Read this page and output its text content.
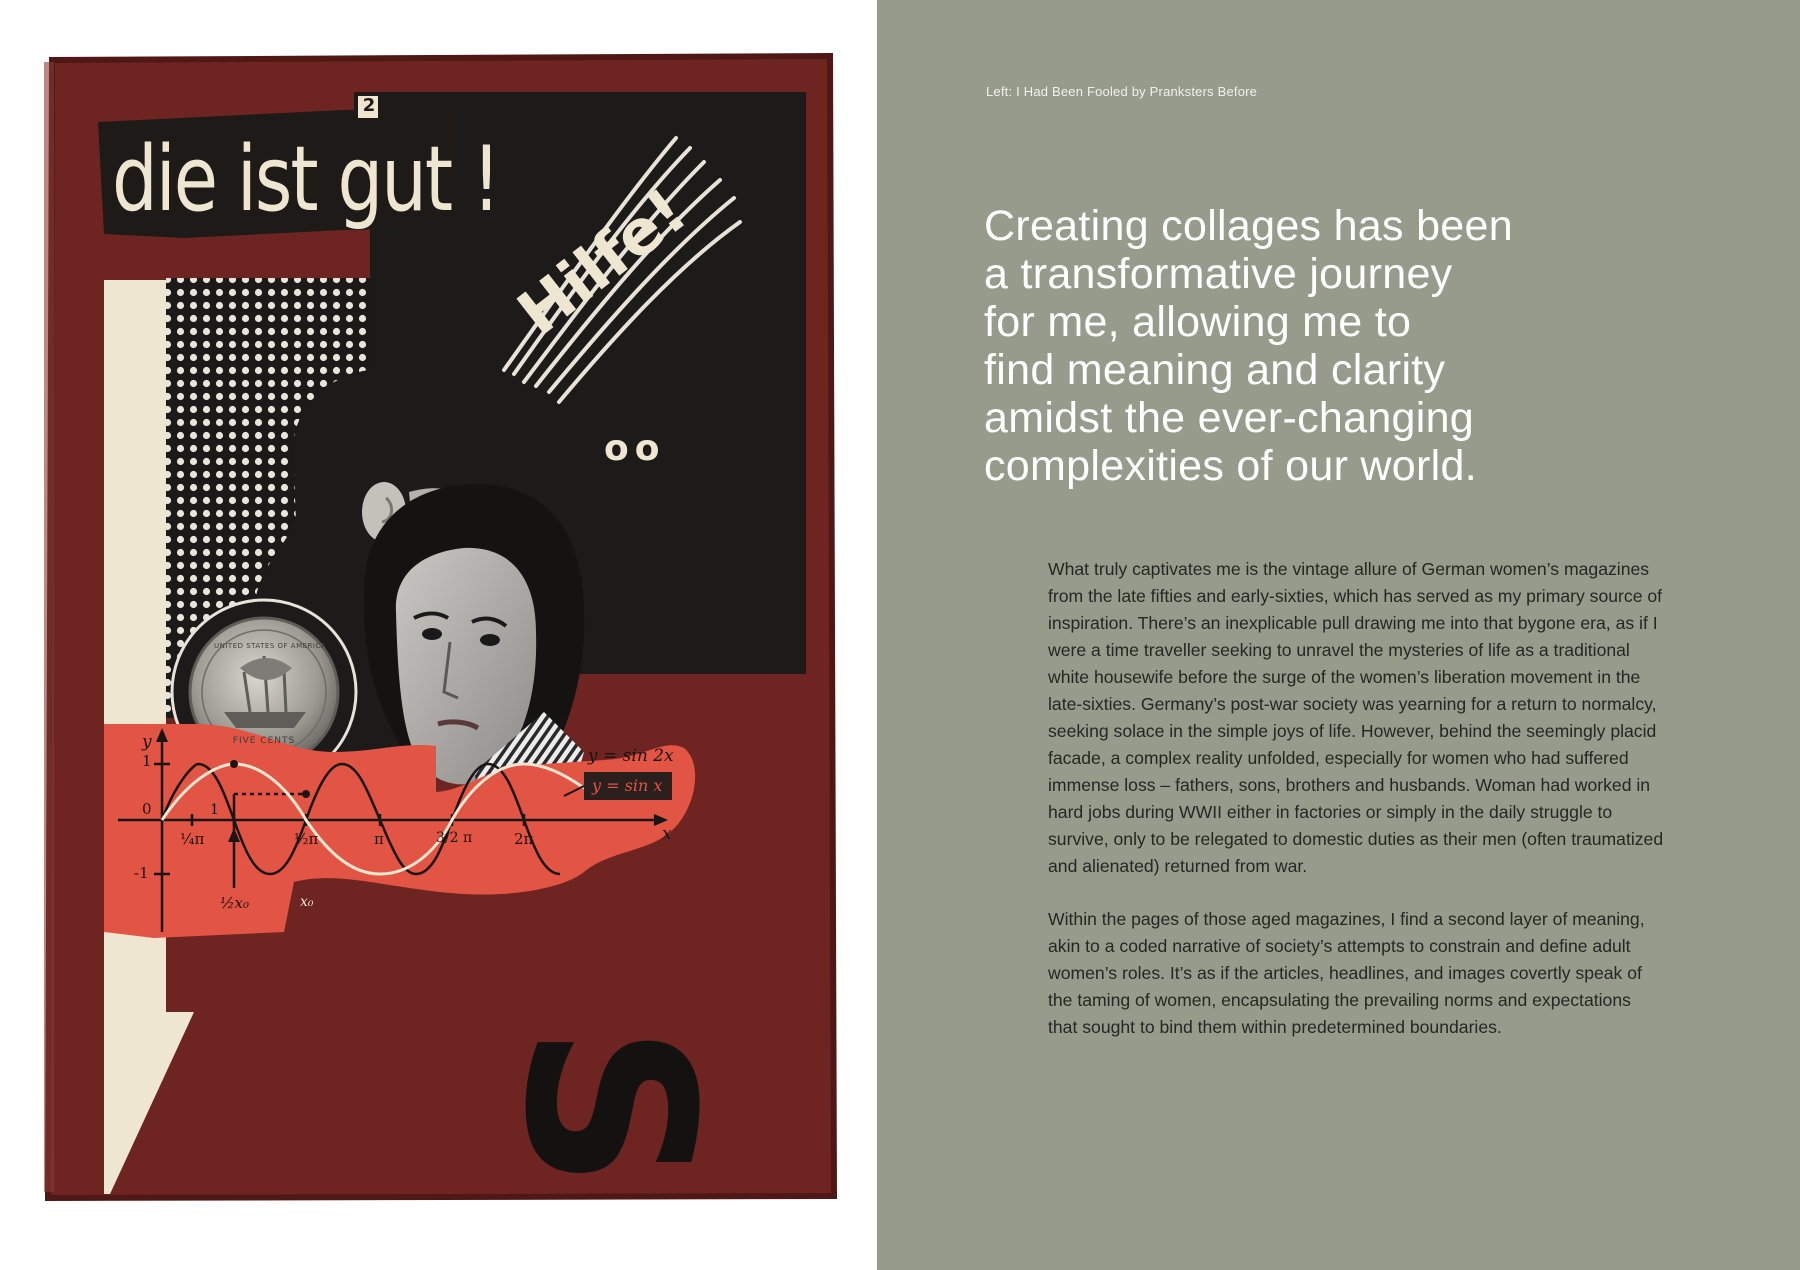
die ist gut !
2
Hilfe!
oo
S
y = sin 2x
y = sin x
y
x
1
0
-1
1
¼π	½π	π	3/2 π	2π
½x₀	x₀
UNITED STATES OF AMERICA
FIVE CENTS
Left: I Had Been Fooled by Pranksters Before
Creating collages has been
a transformative journey
for me, allowing me to
find meaning and clarity
amidst the ever-changing
complexities of our world.

What truly captivates me is the vintage allure of German women’s magazines from the late fifties and early-sixties, which has served as my primary source of inspiration. There’s an inexplicable pull drawing me into that bygone era, as if I were a time traveller seeking to unravel the mysteries of life as a traditional white housewife before the surge of the women’s liberation movement in the late-sixties. Germany’s post-war society was yearning for a return to normalcy, seeking solace in the simple joys of life. However, behind the seemingly placid facade, a complex reality unfolded, especially for women who had suffered immense loss – fathers, sons, brothers and husbands. Woman had worked in hard jobs during WWII either in factories or simply in the daily struggle to survive, only to be relegated to domestic duties as their men (often traumatized and alienated) returned from war.

Within the pages of those aged magazines, I find a second layer of meaning, akin to a coded narrative of society’s attempts to constrain and define adult women’s roles. It’s as if the articles, headlines, and images covertly speak of the taming of women, encapsulating the prevailing norms and expectations that sought to bind them within predetermined boundaries.
